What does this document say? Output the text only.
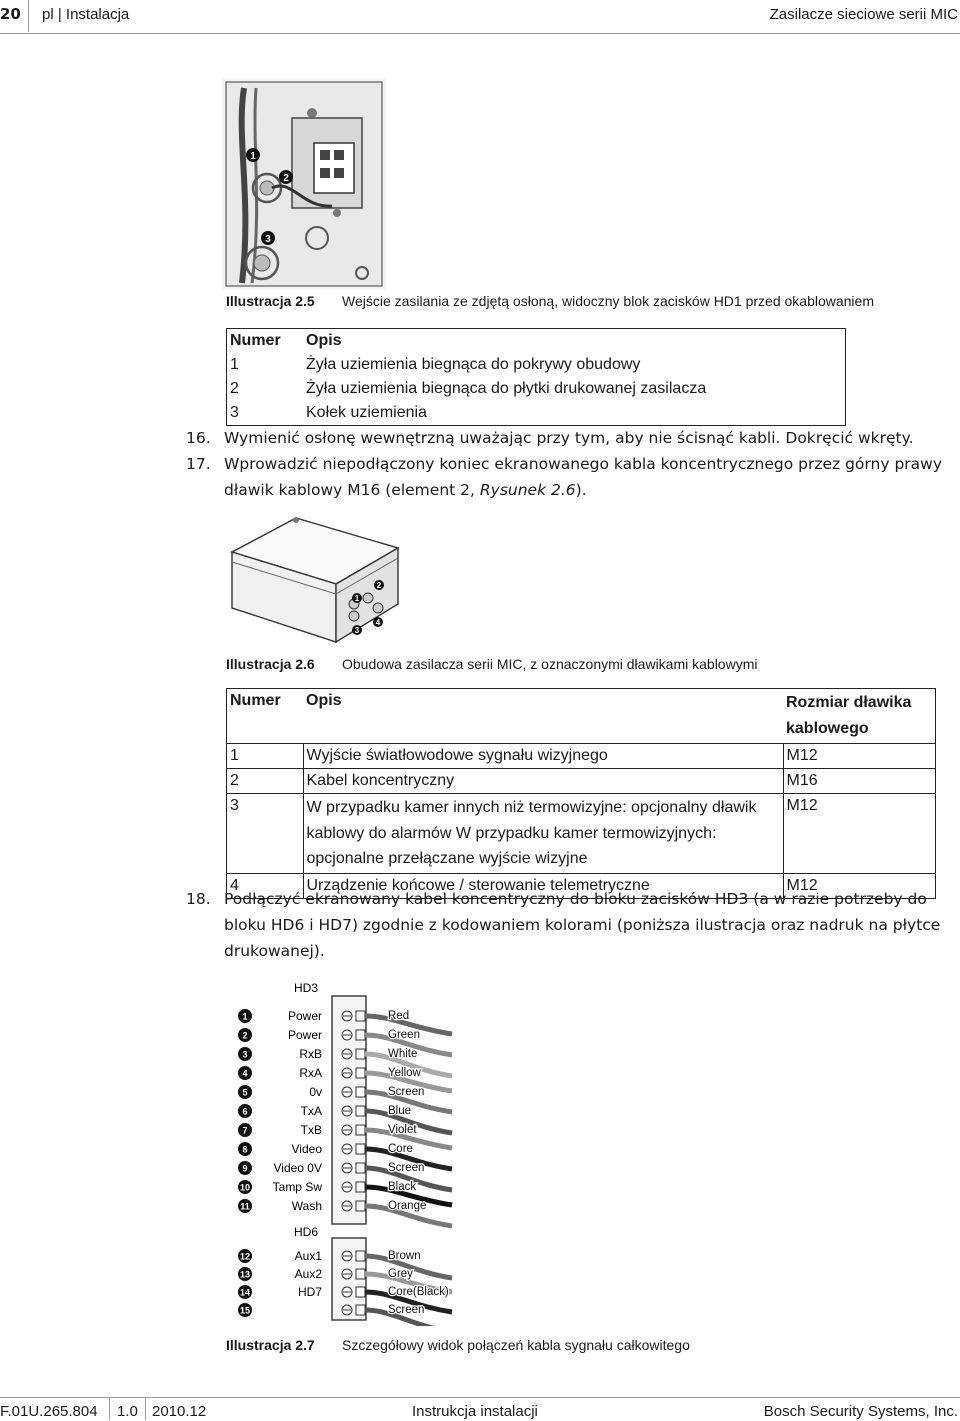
20 pl | Instalacja	Zasilacze sieciowe serii MIC
1
2
3
Illustracja 2.5 Wejście zasilania ze zdjętą osłoną, widoczny blok zacisków HD1 przed okablowaniem
Numer	Opis
1	Żyła uziemienia biegnąca do pokrywy obudowy
2	Żyła uziemienia biegnąca do płytki drukowanej zasilacza
3	Kołek uziemienia
16. Wymienić osłonę wewnętrzną uważając przy tym, aby nie ścisnąć kabli. Dokręcić wkręty.
17. Wprowadzić niepodłączony koniec ekranowanego kabla koncentrycznego przez górny prawy dławik kablowy M16 (element 2, Rysunek 2.6).
1
2
3
4
Illustracja 2.6 Obudowa zasilacza serii MIC, z oznaczonymi dławikami kablowymi
Numer	Opis	Rozmiar dławika kablowego
1	Wyjście światłowodowe sygnału wizyjnego	M12
2	Kabel koncentryczny	M16
3	W przypadku kamer innych niż termowizyjne: opcjonalny dławik kablowy do alarmów W przypadku kamer termowizyjnych: opcjonalne przełączane wyjście wizyjne	M12
4	Urządzenie końcowe / sterowanie telemetryczne	M12
18. Podłączyć ekranowany kabel koncentryczny do bloku zacisków HD3 (a w razie potrzeby do bloku HD6 i HD7) zgodnie z kodowaniem kolorami (poniższa ilustracja oraz nadruk na płytce drukowanej).
HD3
HD6
1	Power	Red
2	Power	Green
3	RxB	White
4	RxA	Yellow
5	0v	Screen
6	TxA	Blue
7	TxB	Violet
8	Video	Core
9 Video 0V	Screen
10 Tamp Sw	Black
11	Wash	Orange
12	Aux1	Brown
13	Aux2	Grey
14	HD7	Core(Black)
15	Screen
Illustracja 2.7 Szczegółowy widok połączeń kabla sygnału całkowitego
F.01U.265.804 1.0 2010.12	Instrukcja instalacji	Bosch Security Systems, Inc.
